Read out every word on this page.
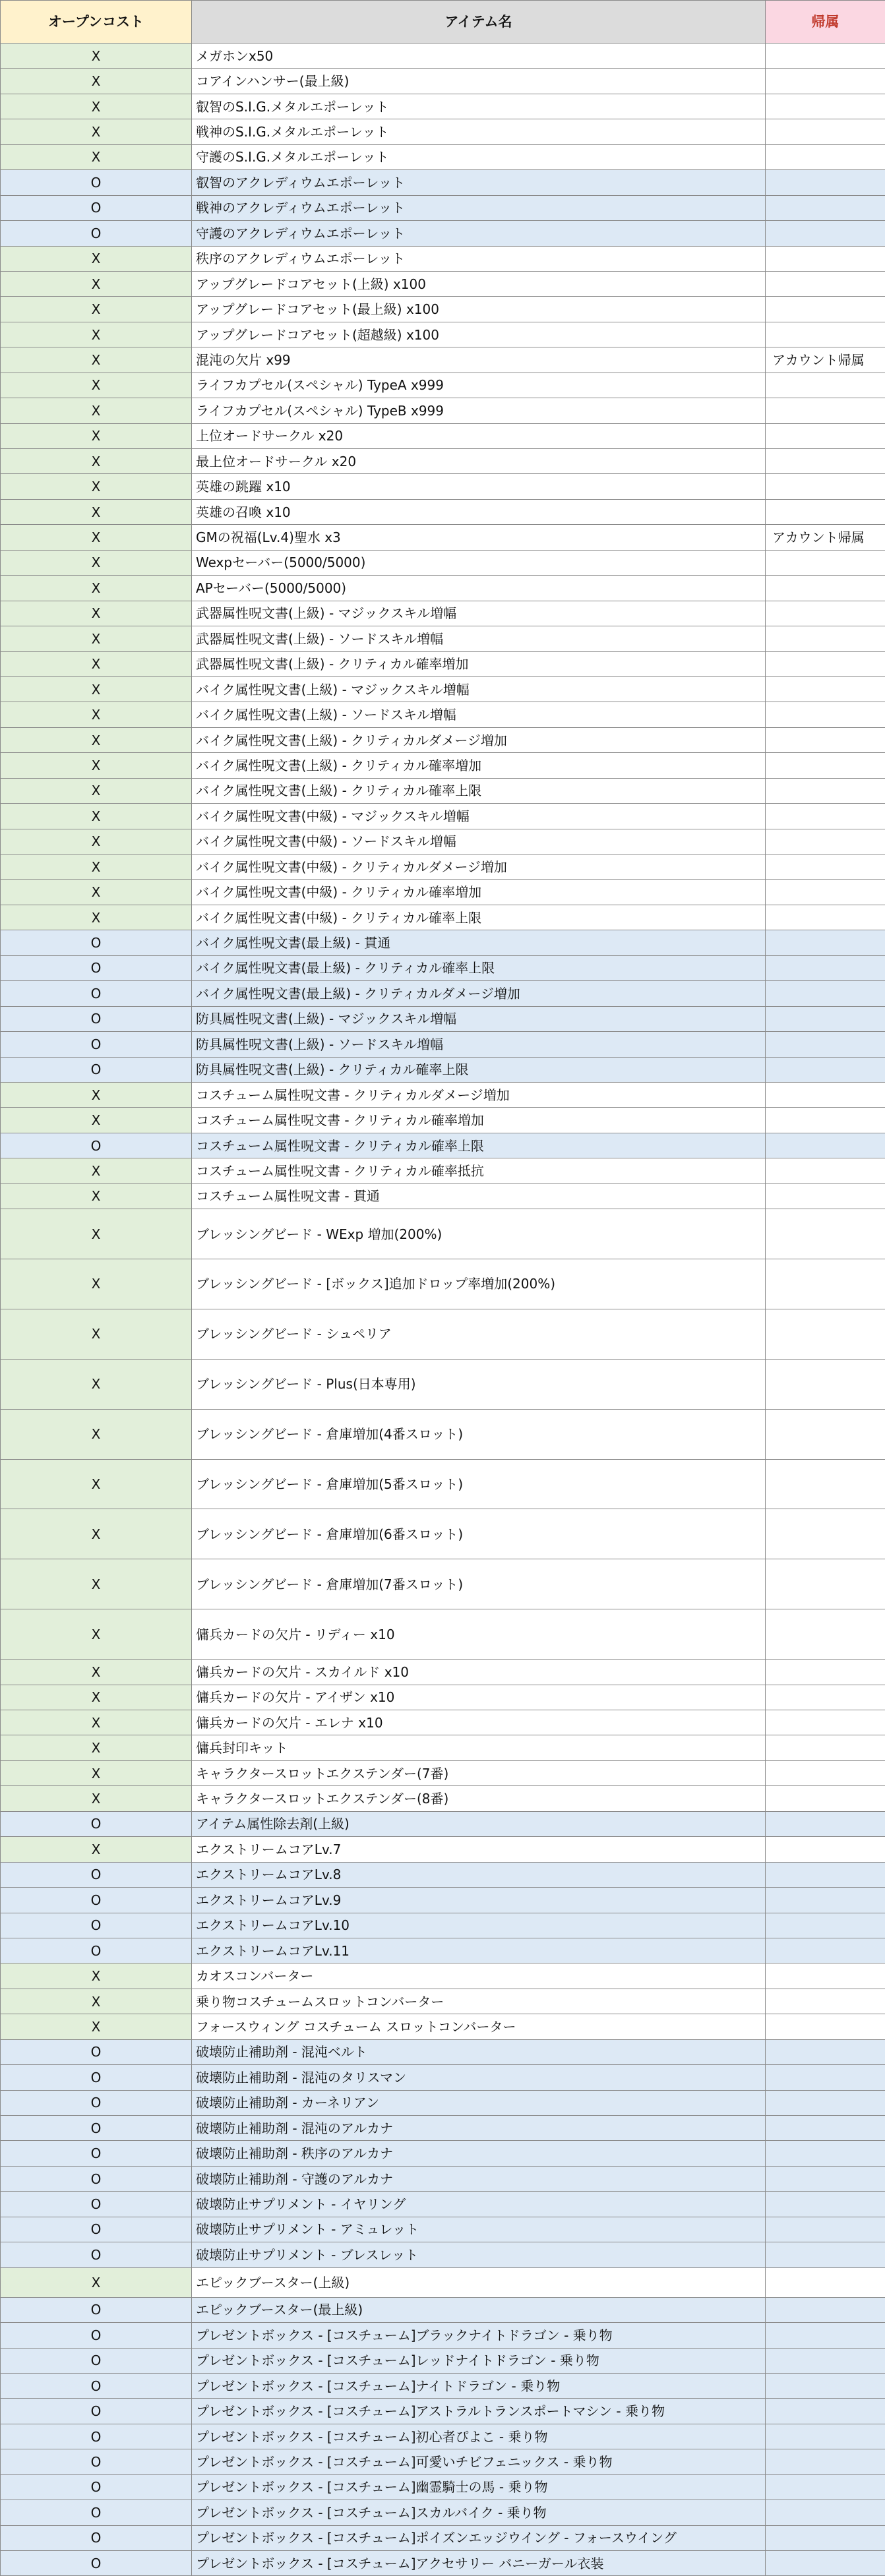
オープンコスト	アイテム名	帰属
X	メガホンx50	
X	コアインハンサー(最上級)	
X	叡智のS.I.G.メタルエポーレット	
X	戦神のS.I.G.メタルエポーレット	
X	守護のS.I.G.メタルエポーレット	
O	叡智のアクレディウムエポーレット	
O	戦神のアクレディウムエポーレット	
O	守護のアクレディウムエポーレット	
X	秩序のアクレディウムエポーレット	
X	アップグレードコアセット(上級) x100	
X	アップグレードコアセット(最上級) x100	
X	アップグレードコアセット(超越級) x100	
X	混沌の欠片 x99	アカウント帰属
X	ライフカプセル(スペシャル) TypeA x999	
X	ライフカプセル(スペシャル) TypeB x999	
X	上位オードサークル x20	
X	最上位オードサークル x20	
X	英雄の跳躍 x10	
X	英雄の召喚 x10	
X	GMの祝福(Lv.4)聖水 x3	アカウント帰属
X	Wexpセーバー(5000/5000)	
X	APセーバー(5000/5000)	
X	武器属性呪文書(上級) - マジックスキル増幅	
X	武器属性呪文書(上級) - ソードスキル増幅	
X	武器属性呪文書(上級) - クリティカル確率増加	
X	バイク属性呪文書(上級) - マジックスキル増幅	
X	バイク属性呪文書(上級) - ソードスキル増幅	
X	バイク属性呪文書(上級) - クリティカルダメージ増加	
X	バイク属性呪文書(上級) - クリティカル確率増加	
X	バイク属性呪文書(上級) - クリティカル確率上限	
X	バイク属性呪文書(中級) - マジックスキル増幅	
X	バイク属性呪文書(中級) - ソードスキル増幅	
X	バイク属性呪文書(中級) - クリティカルダメージ増加	
X	バイク属性呪文書(中級) - クリティカル確率増加	
X	バイク属性呪文書(中級) - クリティカル確率上限	
O	バイク属性呪文書(最上級) - 貫通	
O	バイク属性呪文書(最上級) - クリティカル確率上限	
O	バイク属性呪文書(最上級) - クリティカルダメージ増加	
O	防具属性呪文書(上級) - マジックスキル増幅	
O	防具属性呪文書(上級) - ソードスキル増幅	
O	防具属性呪文書(上級) - クリティカル確率上限	
X	コスチューム属性呪文書 - クリティカルダメージ増加	
X	コスチューム属性呪文書 - クリティカル確率増加	
O	コスチューム属性呪文書 - クリティカル確率上限	
X	コスチューム属性呪文書 - クリティカル確率抵抗	
X	コスチューム属性呪文書 - 貫通	
X	ブレッシングビード - WExp 増加(200%)	
X	ブレッシングビード - [ボックス]追加ドロップ率増加(200%)	
X	ブレッシングビード - シュペリア	
X	ブレッシングビード - Plus(日本専用)	
X	ブレッシングビード - 倉庫増加(4番スロット)	
X	ブレッシングビード - 倉庫増加(5番スロット)	
X	ブレッシングビード - 倉庫増加(6番スロット)	
X	ブレッシングビード - 倉庫増加(7番スロット)	
X	傭兵カードの欠片 - リディー x10	
X	傭兵カードの欠片 - スカイルド x10	
X	傭兵カードの欠片 - アイザン x10	
X	傭兵カードの欠片 - エレナ x10	
X	傭兵封印キット	
X	キャラクタースロットエクステンダー(7番)	
X	キャラクタースロットエクステンダー(8番)	
O	アイテム属性除去剤(上級)	
X	エクストリームコアLv.7	
O	エクストリームコアLv.8	
O	エクストリームコアLv.9	
O	エクストリームコアLv.10	
O	エクストリームコアLv.11	
X	カオスコンバーター	
X	乗り物コスチュームスロットコンバーター	
X	フォースウィング コスチューム スロットコンバーター	
O	破壊防止補助剤 - 混沌ベルト	
O	破壊防止補助剤 - 混沌のタリスマン	
O	破壊防止補助剤 - カーネリアン	
O	破壊防止補助剤 - 混沌のアルカナ	
O	破壊防止補助剤 - 秩序のアルカナ	
O	破壊防止補助剤 - 守護のアルカナ	
O	破壊防止サプリメント - イヤリング	
O	破壊防止サプリメント - アミュレット	
O	破壊防止サプリメント - ブレスレット	
X	エピックブースター(上級)	
O	エピックブースター(最上級)	
O	プレゼントボックス - [コスチューム]ブラックナイトドラゴン - 乗り物	
O	プレゼントボックス - [コスチューム]レッドナイトドラゴン - 乗り物	
O	プレゼントボックス - [コスチューム]ナイトドラゴン - 乗り物	
O	プレゼントボックス - [コスチューム]アストラルトランスポートマシン - 乗り物	
O	プレゼントボックス - [コスチューム]初心者ぴよこ - 乗り物	
O	プレゼントボックス - [コスチューム]可愛いチビフェニックス - 乗り物	
O	プレゼントボックス - [コスチューム]幽霊騎士の馬 - 乗り物	
O	プレゼントボックス - [コスチューム]スカルバイク - 乗り物	
O	プレゼントボックス - [コスチューム]ポイズンエッジウイング - フォースウイング	
O	プレゼントボックス - [コスチューム]アクセサリー バニーガール衣装	
